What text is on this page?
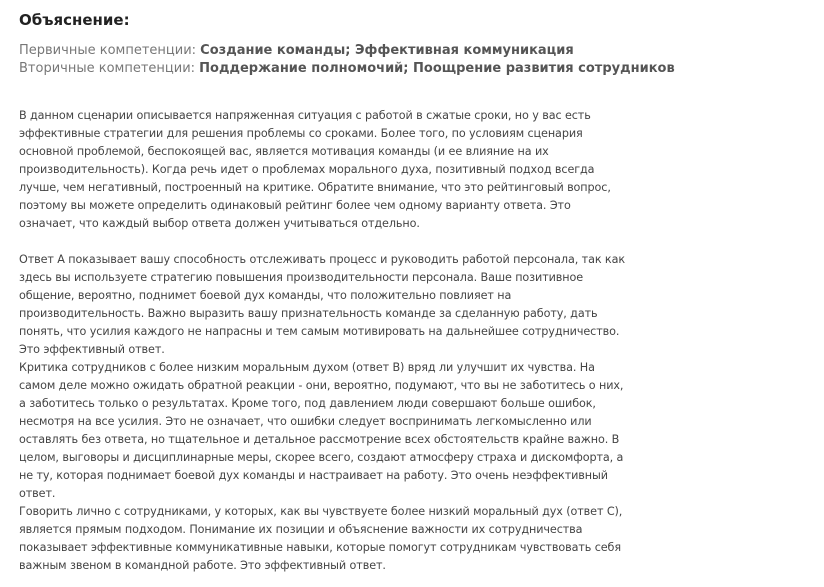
Объяснение:
Первичные компетенции: Создание команды; Эффективная коммуникация
Вторичные компетенции: Поддержание полномочий; Поощрение развития сотрудников

В данном сценарии описывается напряженная ситуация с работой в сжатые сроки, но у вас есть эффективные стратегии для решения проблемы со сроками. Более того, по условиям сценария основной проблемой, беспокоящей вас, является мотивация команды (и ее влияние на их производительность). Когда речь идет о проблемах морального духа, позитивный подход всегда лучше, чем негативный, построенный на критике. Обратите внимание, что это рейтинговый вопрос, поэтому вы можете определить одинаковый рейтинг более чем одному варианту ответа. Это означает, что каждый выбор ответа должен учитываться отдельно.

Ответ A показывает вашу способность отслеживать процесс и руководить работой персонала, так как здесь вы используете стратегию повышения производительности персонала. Ваше позитивное общение, вероятно, поднимет боевой дух команды, что положительно повлияет на производительность. Важно выразить вашу признательность команде за сделанную работу, дать понять, что усилия каждого не напрасны и тем самым мотивировать на дальнейшее сотрудничество. Это эффективный ответ.

Критика сотрудников с более низким моральным духом (ответ B) вряд ли улучшит их чувства. На самом деле можно ожидать обратной реакции - они, вероятно, подумают, что вы не заботитесь о них, а заботитесь только о результатах. Кроме того, под давлением люди совершают больше ошибок, несмотря на все усилия. Это не означает, что ошибки следует воспринимать легкомысленно или оставлять без ответа, но тщательное и детальное рассмотрение всех обстоятельств крайне важно. В целом, выговоры и дисциплинарные меры, скорее всего, создают атмосферу страха и дискомфорта, а не ту, которая поднимает боевой дух команды и настраивает на работу. Это очень неэффективный ответ.

Говорить лично с сотрудниками, у которых, как вы чувствуете более низкий моральный дух (ответ C), является прямым подходом. Понимание их позиции и объяснение важности их сотрудничества показывает эффективные коммуникативные навыки, которые помогут сотрудникам чувствовать себя важным звеном в командной работе. Это эффективный ответ.
